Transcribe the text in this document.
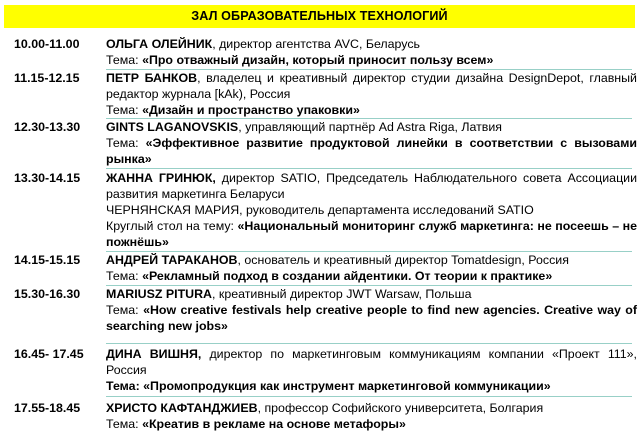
ЗАЛ ОБРАЗОВАТЕЛЬНЫХ ТЕХНОЛОГИЙ
10.00-11.00	ОЛЬГА ОЛЕЙНИК, директор агентства AVC, Беларусь
Тема: «Про отважный дизайн, который приносит пользу всем»
11.15-12.15	ПЕТР БАНКОВ, владелец и креативный директор студии дизайна DesignDepot, главный редактор журнала [kAk), Россия
Тема: «Дизайн и пространство упаковки»
12.30-13.30	GINTS LAGANOVSKIS, управляющий партнёр Ad Astra Riga, Латвия
Тема: «Эффективное развитие продуктовой линейки в соответствии с вызовами рынка»
13.30-14.15	ЖАННА ГРИНЮК, директор SATIO, Председатель Наблюдательного совета Ассоциации развития маркетинга Беларуси
ЧЕРНЯНСКАЯ МАРИЯ, руководитель департамента исследований SATIO
Круглый стол на тему: «Национальный мониторинг служб маркетинга: не посеешь – не пожнёшь»
14.15-15.15	АНДРЕЙ ТАРАКАНОВ, основатель и креативный директор Tomatdesign, Россия
Тема: «Рекламный подход в создании айдентики. От теории к практике»
15.30-16.30	MARIUSZ PITURA, креативный директор JWT Warsaw, Польша
Тема: «How creative festivals help creative people to find new agencies. Creative way of searching new jobs»
16.45- 17.45	ДИНА ВИШНЯ, директор по маркетинговым коммуникациям компании «Проект 111», Россия
Тема: «Промопродукция как инструмент маркетинговой коммуникации»
17.55-18.45	ХРИСТО КАФТАНДЖИЕВ, профессор Софийского университета, Болгария
Тема: «Креатив в рекламе на основе метафоры»
